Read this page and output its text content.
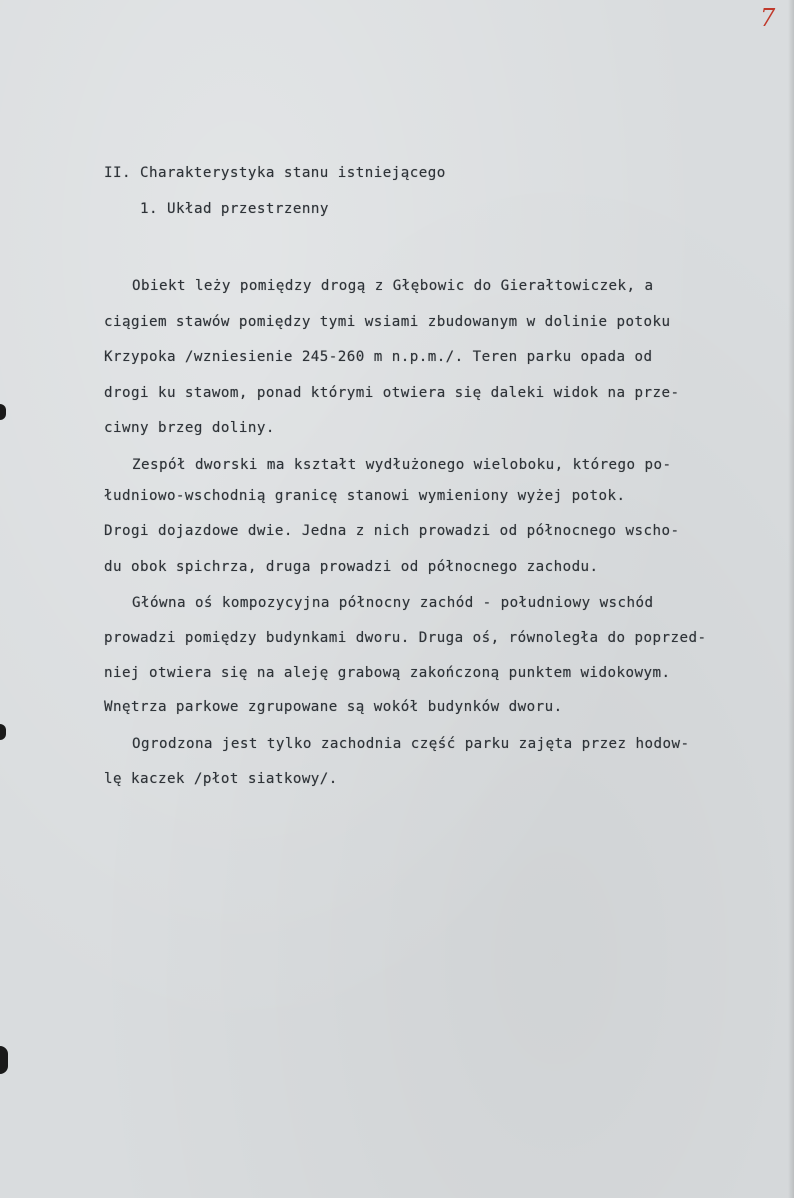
7
II. Charakterystyka stanu istniejącego
1. Układ przestrzenny
Obiekt leży pomiędzy drogą z Głębowic do Gierałtowiczek, a
ciągiem stawów pomiędzy tymi wsiami zbudowanym w dolinie potoku
Krzypoka /wzniesienie 245-260 m n.p.m./. Teren parku opada od
drogi ku stawom, ponad którymi otwiera się daleki widok na prze-
ciwny brzeg doliny.
Zespół dworski ma kształt wydłużonego wieloboku, którego po-
łudniowo-wschodnią granicę stanowi wymieniony wyżej potok.
Drogi dojazdowe dwie. Jedna z nich prowadzi od północnego wscho-
du obok spichrza, druga prowadzi od północnego zachodu.
Główna oś kompozycyjna północny zachód - południowy wschód
prowadzi pomiędzy budynkami dworu. Druga oś, równoległa do poprzed-
niej otwiera się na aleję grabową zakończoną punktem widokowym.
Wnętrza parkowe zgrupowane są wokół budynków dworu.
Ogrodzona jest tylko zachodnia część parku zajęta przez hodow-
lę kaczek /płot siatkowy/.
